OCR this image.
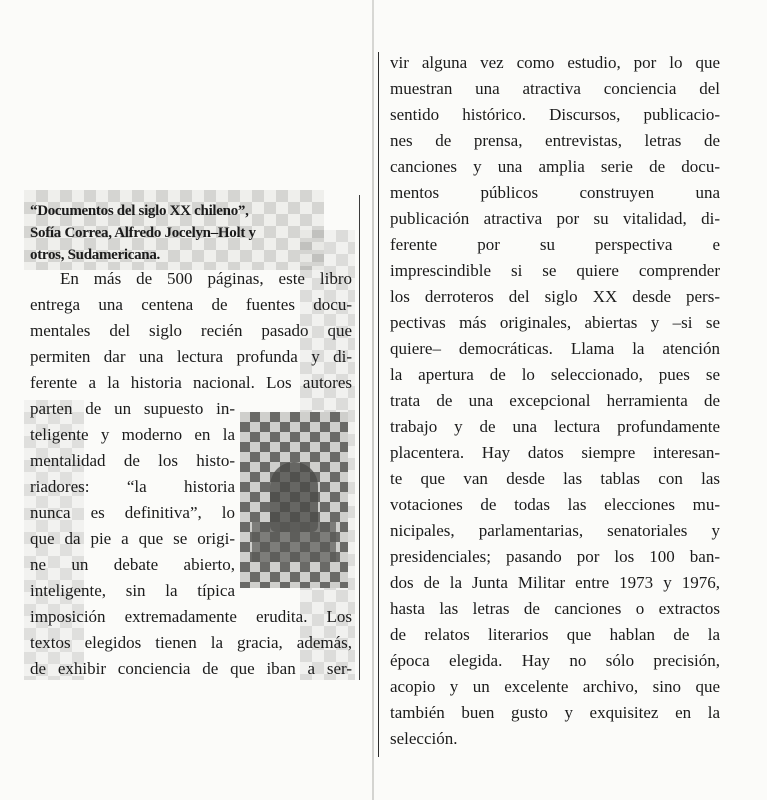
“Documentos del siglo XX chileno”,
Sofía Correa, Alfredo Jocelyn–Holt y
otros, Sudamericana.
En más de 500 páginas, este libro
entrega una centena de fuentes docu-
mentales del siglo recién pasado que
permiten dar una lectura profunda y di-
ferente a la historia nacional. Los autores
parten de un supuesto in-
teligente y moderno en la
mentalidad de los histo-
riadores: “la historia
nunca es definitiva”, lo
que da pie a que se origi-
ne un debate abierto,
inteligente, sin la típica
imposición extremadamente erudita. Los
textos elegidos tienen la gracia, además,
de exhibir conciencia de que iban a ser-
vir alguna vez como estudio, por lo que
muestran una atractiva conciencia del
sentido histórico. Discursos, publicacio-
nes de prensa, entrevistas, letras de
canciones y una amplia serie de docu-
mentos públicos construyen una
publicación atractiva por su vitalidad, di-
ferente por su perspectiva e
imprescindible si se quiere comprender
los derroteros del siglo XX desde pers-
pectivas más originales, abiertas y –si se
quiere– democráticas. Llama la atención
la apertura de lo seleccionado, pues se
trata de una excepcional herramienta de
trabajo y de una lectura profundamente
placentera. Hay datos siempre interesan-
te que van desde las tablas con las
votaciones de todas las elecciones mu-
nicipales, parlamentarias, senatoriales y
presidenciales; pasando por los 100 ban-
dos de la Junta Militar entre 1973 y 1976,
hasta las letras de canciones o extractos
de relatos literarios que hablan de la
época elegida. Hay no sólo precisión,
acopio y un excelente archivo, sino que
también buen gusto y exquisitez en la
selección.
